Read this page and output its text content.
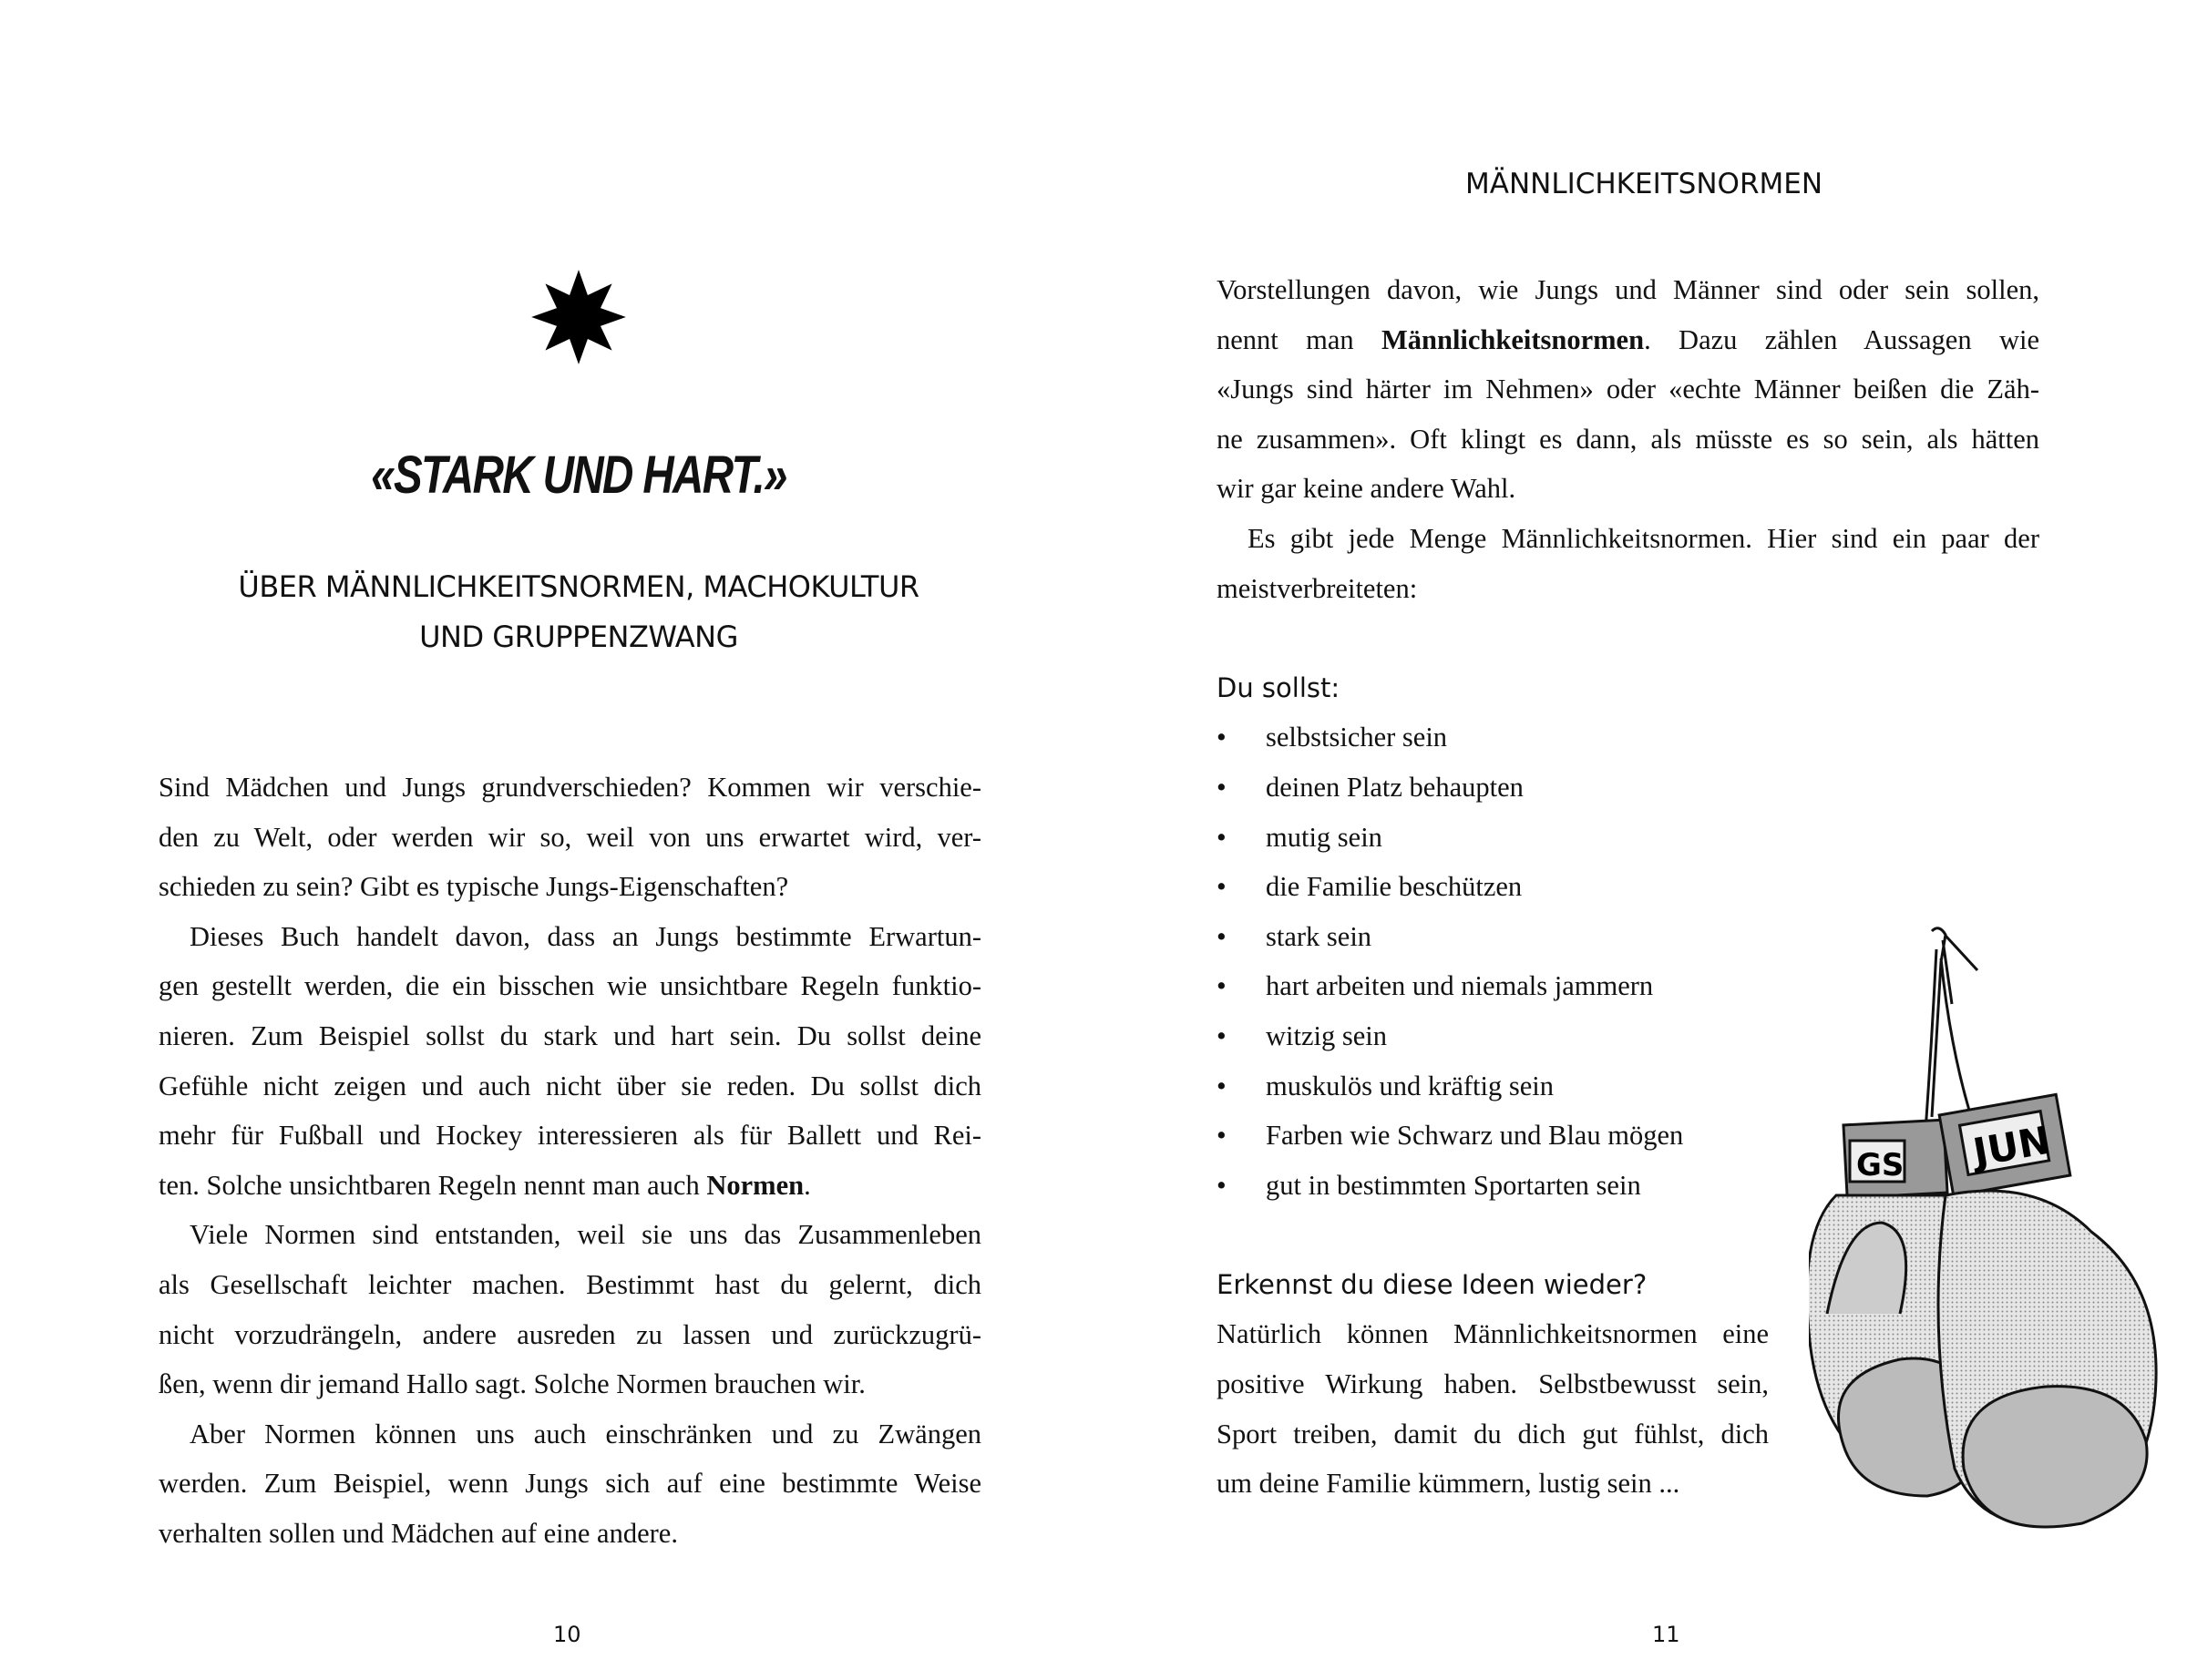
«STARK UND HART.»
ÜBER MÄNNLICHKEITSNORMEN, MACHOKULTUR
UND GRUPPENZWANG
Sind Mädchen und Jungs grundverschieden? Kommen wir verschie-
den zu Welt, oder werden wir so, weil von uns erwartet wird, ver-
schieden zu sein? Gibt es typische Jungs-Eigenschaften?
Dieses Buch handelt davon, dass an Jungs bestimmte Erwartun-
gen gestellt werden, die ein bisschen wie unsichtbare Regeln funktio-
nieren. Zum Beispiel sollst du stark und hart sein. Du sollst deine
Gefühle nicht zeigen und auch nicht über sie reden. Du sollst dich
mehr für Fußball und Hockey interessieren als für Ballett und Rei-
ten. Solche unsichtbaren Regeln nennt man auch Normen.
Viele Normen sind entstanden, weil sie uns das Zusammenleben
als Gesellschaft leichter machen. Bestimmt hast du gelernt, dich
nicht vorzudrängeln, andere ausreden zu lassen und zurückzugrü-
ßen, wenn dir jemand Hallo sagt. Solche Normen brauchen wir.
Aber Normen können uns auch einschränken und zu Zwängen
werden. Zum Beispiel, wenn Jungs sich auf eine bestimmte Weise
verhalten sollen und Mädchen auf eine andere.
10
MÄNNLICHKEITSNORMEN
Vorstellungen davon, wie Jungs und Männer sind oder sein sollen,
nennt man Männlichkeitsnormen. Dazu zählen Aussagen wie
«Jungs sind härter im Nehmen» oder «echte Männer beißen die Zäh-
ne zusammen». Oft klingt es dann, als müsste es so sein, als hätten
wir gar keine andere Wahl.
Es gibt jede Menge Männlichkeitsnormen. Hier sind ein paar der
meistverbreiteten:
Du sollst:
• selbstsicher sein
• deinen Platz behaupten
• mutig sein
• die Familie beschützen
• stark sein
• hart arbeiten und niemals jammern
• witzig sein
• muskulös und kräftig sein
• Farben wie Schwarz und Blau mögen
• gut in bestimmten Sportarten sein
Erkennst du diese Ideen wieder?
Natürlich können Männlichkeitsnormen eine
positive Wirkung haben. Selbstbewusst sein,
Sport treiben, damit du dich gut fühlst, dich
um deine Familie kümmern, lustig sein ...
GS JUN
11
